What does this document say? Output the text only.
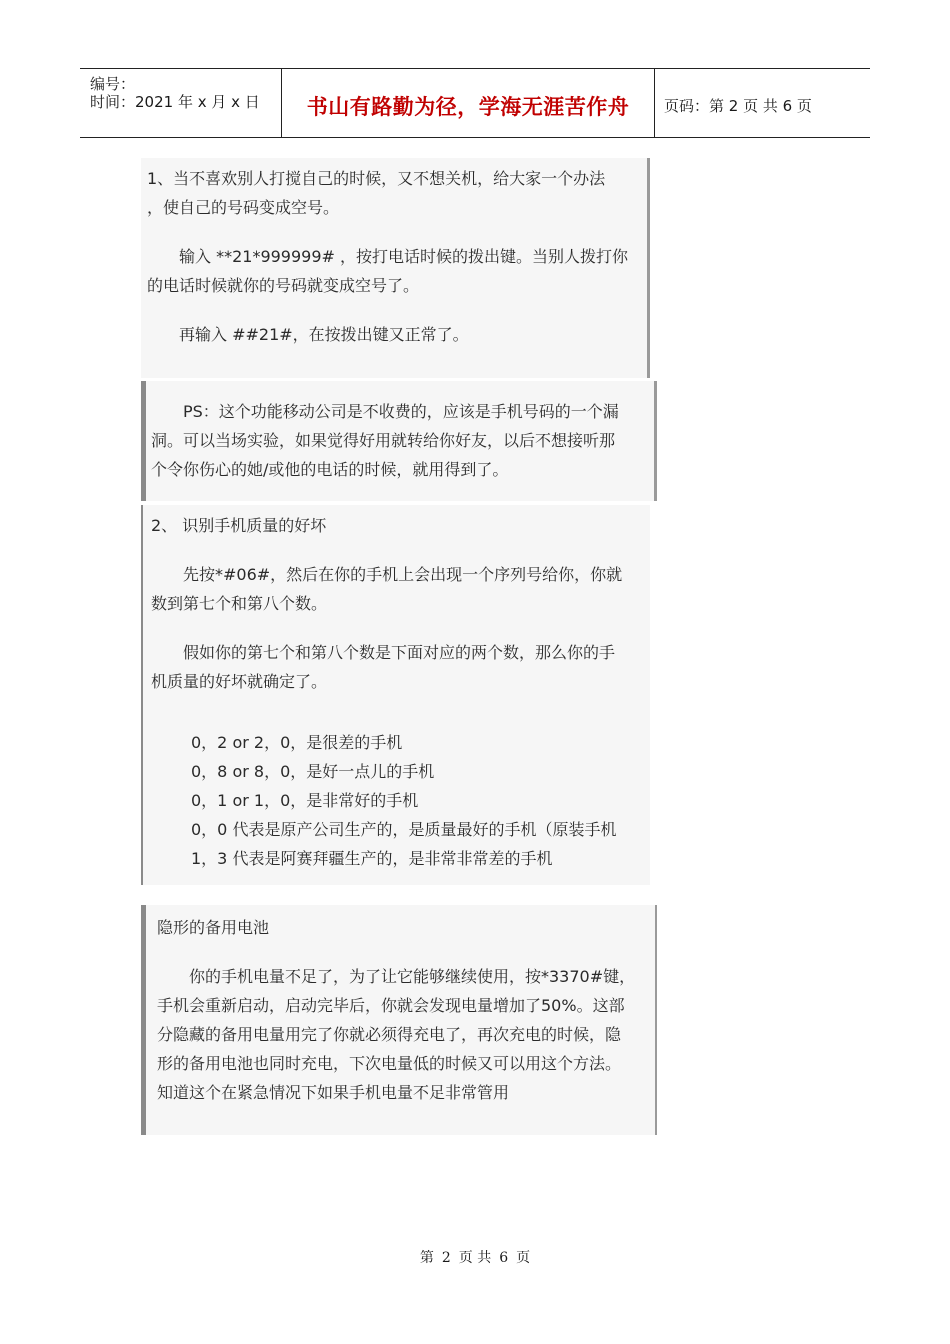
编号：
时间：2021 年 x 月 x 日	书山有路勤为径，学海无涯苦作舟	页码：第 2 页 共 6 页

1、当不喜欢别人打搅自己的时候，又不想关机，给大家一个办法

，使自己的号码变成空号。

输入 **21*999999# ，按打电话时候的拨出键。当别人拨打你

的电话时候就你的号码就变成空号了。

再输入 ##21#，在按拨出键又正常了。

PS：这个功能移动公司是不收费的，应该是手机号码的一个漏

洞。可以当场实验，如果觉得好用就转给你好友，以后不想接听那

个令你伤心的她/或他的电话的时候，就用得到了。

2、 识别手机质量的好坏

先按*#06#，然后在你的手机上会出现一个序列号给你，你就

数到第七个和第八个数。

假如你的第七个和第八个数是下面对应的两个数，那么你的手

机质量的好坏就确定了。

0，2 or 2，0，是很差的手机

0，8 or 8，0，是好一点儿的手机

0，1 or 1，0，是非常好的手机

0，0 代表是原产公司生产的，是质量最好的手机（原装手机

1，3 代表是阿赛拜疆生产的，是非常非常差的手机

隐形的备用电池

你的手机电量不足了，为了让它能够继续使用，按*3370#键，

手机会重新启动，启动完毕后，你就会发现电量增加了50%。这部

分隐藏的备用电量用完了你就必须得充电了，再次充电的时候，隐

形的备用电池也同时充电，下次电量低的时候又可以用这个方法。

知道这个在紧急情况下如果手机电量不足非常管用

第 2 页 共 6 页
